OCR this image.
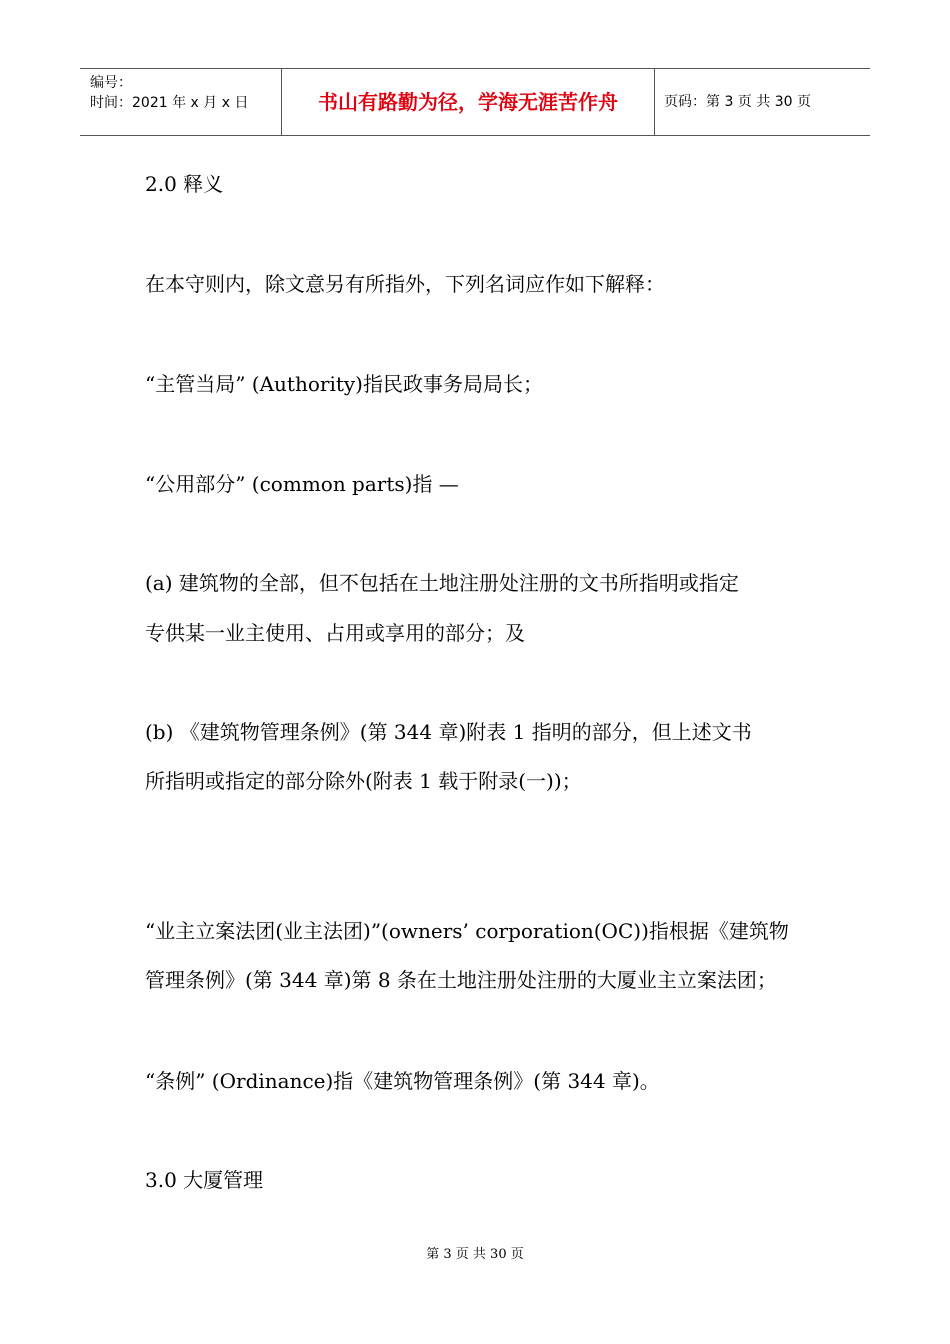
编号：
时间：2021 年 x 月 x 日	书山有路勤为径，学海无涯苦作舟	页码：第 3 页 共 30 页
2.0 释义
在本守则内，除文意另有所指外，下列名词应作如下解释：
“主管当局” (Authority)指民政事务局局长；
“公用部分” (common parts)指 —
(a) 建筑物的全部，但不包括在土地注册处注册的文书所指明或指定
专供某一业主使用、占用或享用的部分；及
(b) 《建筑物管理条例》(第 344 章)附表 1 指明的部分，但上述文书
所指明或指定的部分除外(附表 1 载于附录(一))；
“业主立案法团(业主法团)”(owners’ corporation(OC))指根据《建筑物
管理条例》(第 344 章)第 8 条在土地注册处注册的大厦业主立案法团；
“条例” (Ordinance)指《建筑物管理条例》(第 344 章)。
3.0 大厦管理
第 3 页 共 30 页
